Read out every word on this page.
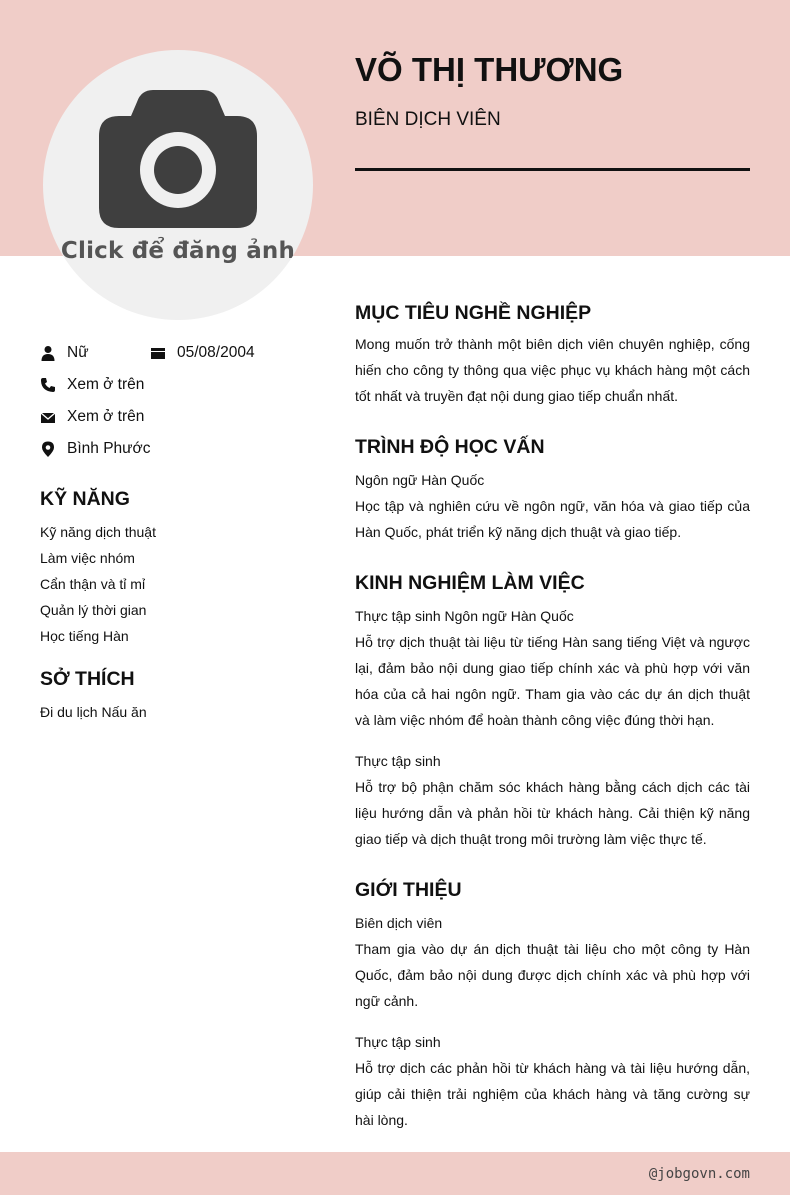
Click để đăng ảnh
VÕ THỊ THƯƠNG
BIÊN DỊCH VIÊN
Nữ	05/08/2004
Xem ở trên
Xem ở trên
Bình Phước
KỸ NĂNG
Kỹ năng dịch thuật
Làm việc nhóm
Cẩn thận và tỉ mỉ
Quản lý thời gian
Học tiếng Hàn
SỞ THÍCH
Đi du lịch Nấu ăn
MỤC TIÊU NGHỀ NGHIỆP

Mong muốn trở thành một biên dịch viên chuyên nghiệp, cống hiến cho công ty thông qua việc phục vụ khách hàng một cách tốt nhất và truyền đạt nội dung giao tiếp chuẩn nhất.

TRÌNH ĐỘ HỌC VẤN

Ngôn ngữ Hàn Quốc

Học tập và nghiên cứu về ngôn ngữ, văn hóa và giao tiếp của Hàn Quốc, phát triển kỹ năng dịch thuật và giao tiếp.

KINH NGHIỆM LÀM VIỆC

Thực tập sinh Ngôn ngữ Hàn Quốc

Hỗ trợ dịch thuật tài liệu từ tiếng Hàn sang tiếng Việt và ngược lại, đảm bảo nội dung giao tiếp chính xác và phù hợp với văn hóa của cả hai ngôn ngữ. Tham gia vào các dự án dịch thuật và làm việc nhóm để hoàn thành công việc đúng thời hạn.

Thực tập sinh

Hỗ trợ bộ phận chăm sóc khách hàng bằng cách dịch các tài liệu hướng dẫn và phản hồi từ khách hàng. Cải thiện kỹ năng giao tiếp và dịch thuật trong môi trường làm việc thực tế.

GIỚI THIỆU

Biên dịch viên

Tham gia vào dự án dịch thuật tài liệu cho một công ty Hàn Quốc, đảm bảo nội dung được dịch chính xác và phù hợp với ngữ cảnh.

Thực tập sinh

Hỗ trợ dịch các phản hồi từ khách hàng và tài liệu hướng dẫn, giúp cải thiện trải nghiệm của khách hàng và tăng cường sự hài lòng.

@jobgovn.com
